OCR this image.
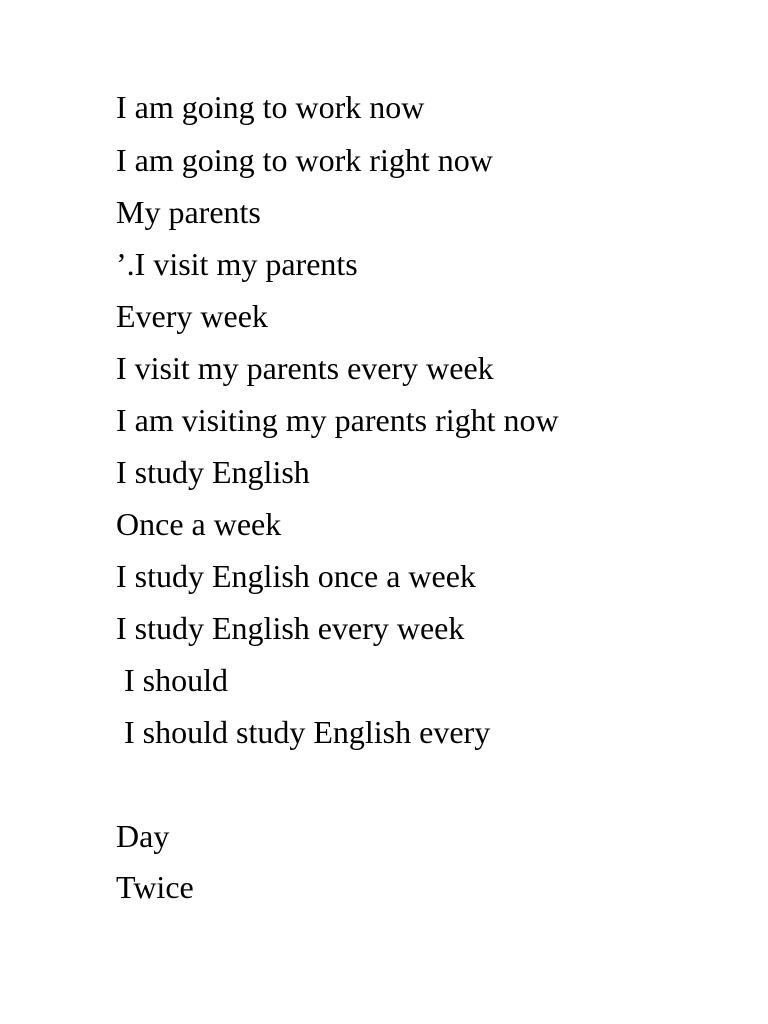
I am going to work now
I am going to work right now
My parents
’.I visit my parents
Every week
I visit my parents every week
I am visiting my parents right now
I study English
Once a week
I study English once a week
I study English every week
I should
I should study English every
Day
Twice
